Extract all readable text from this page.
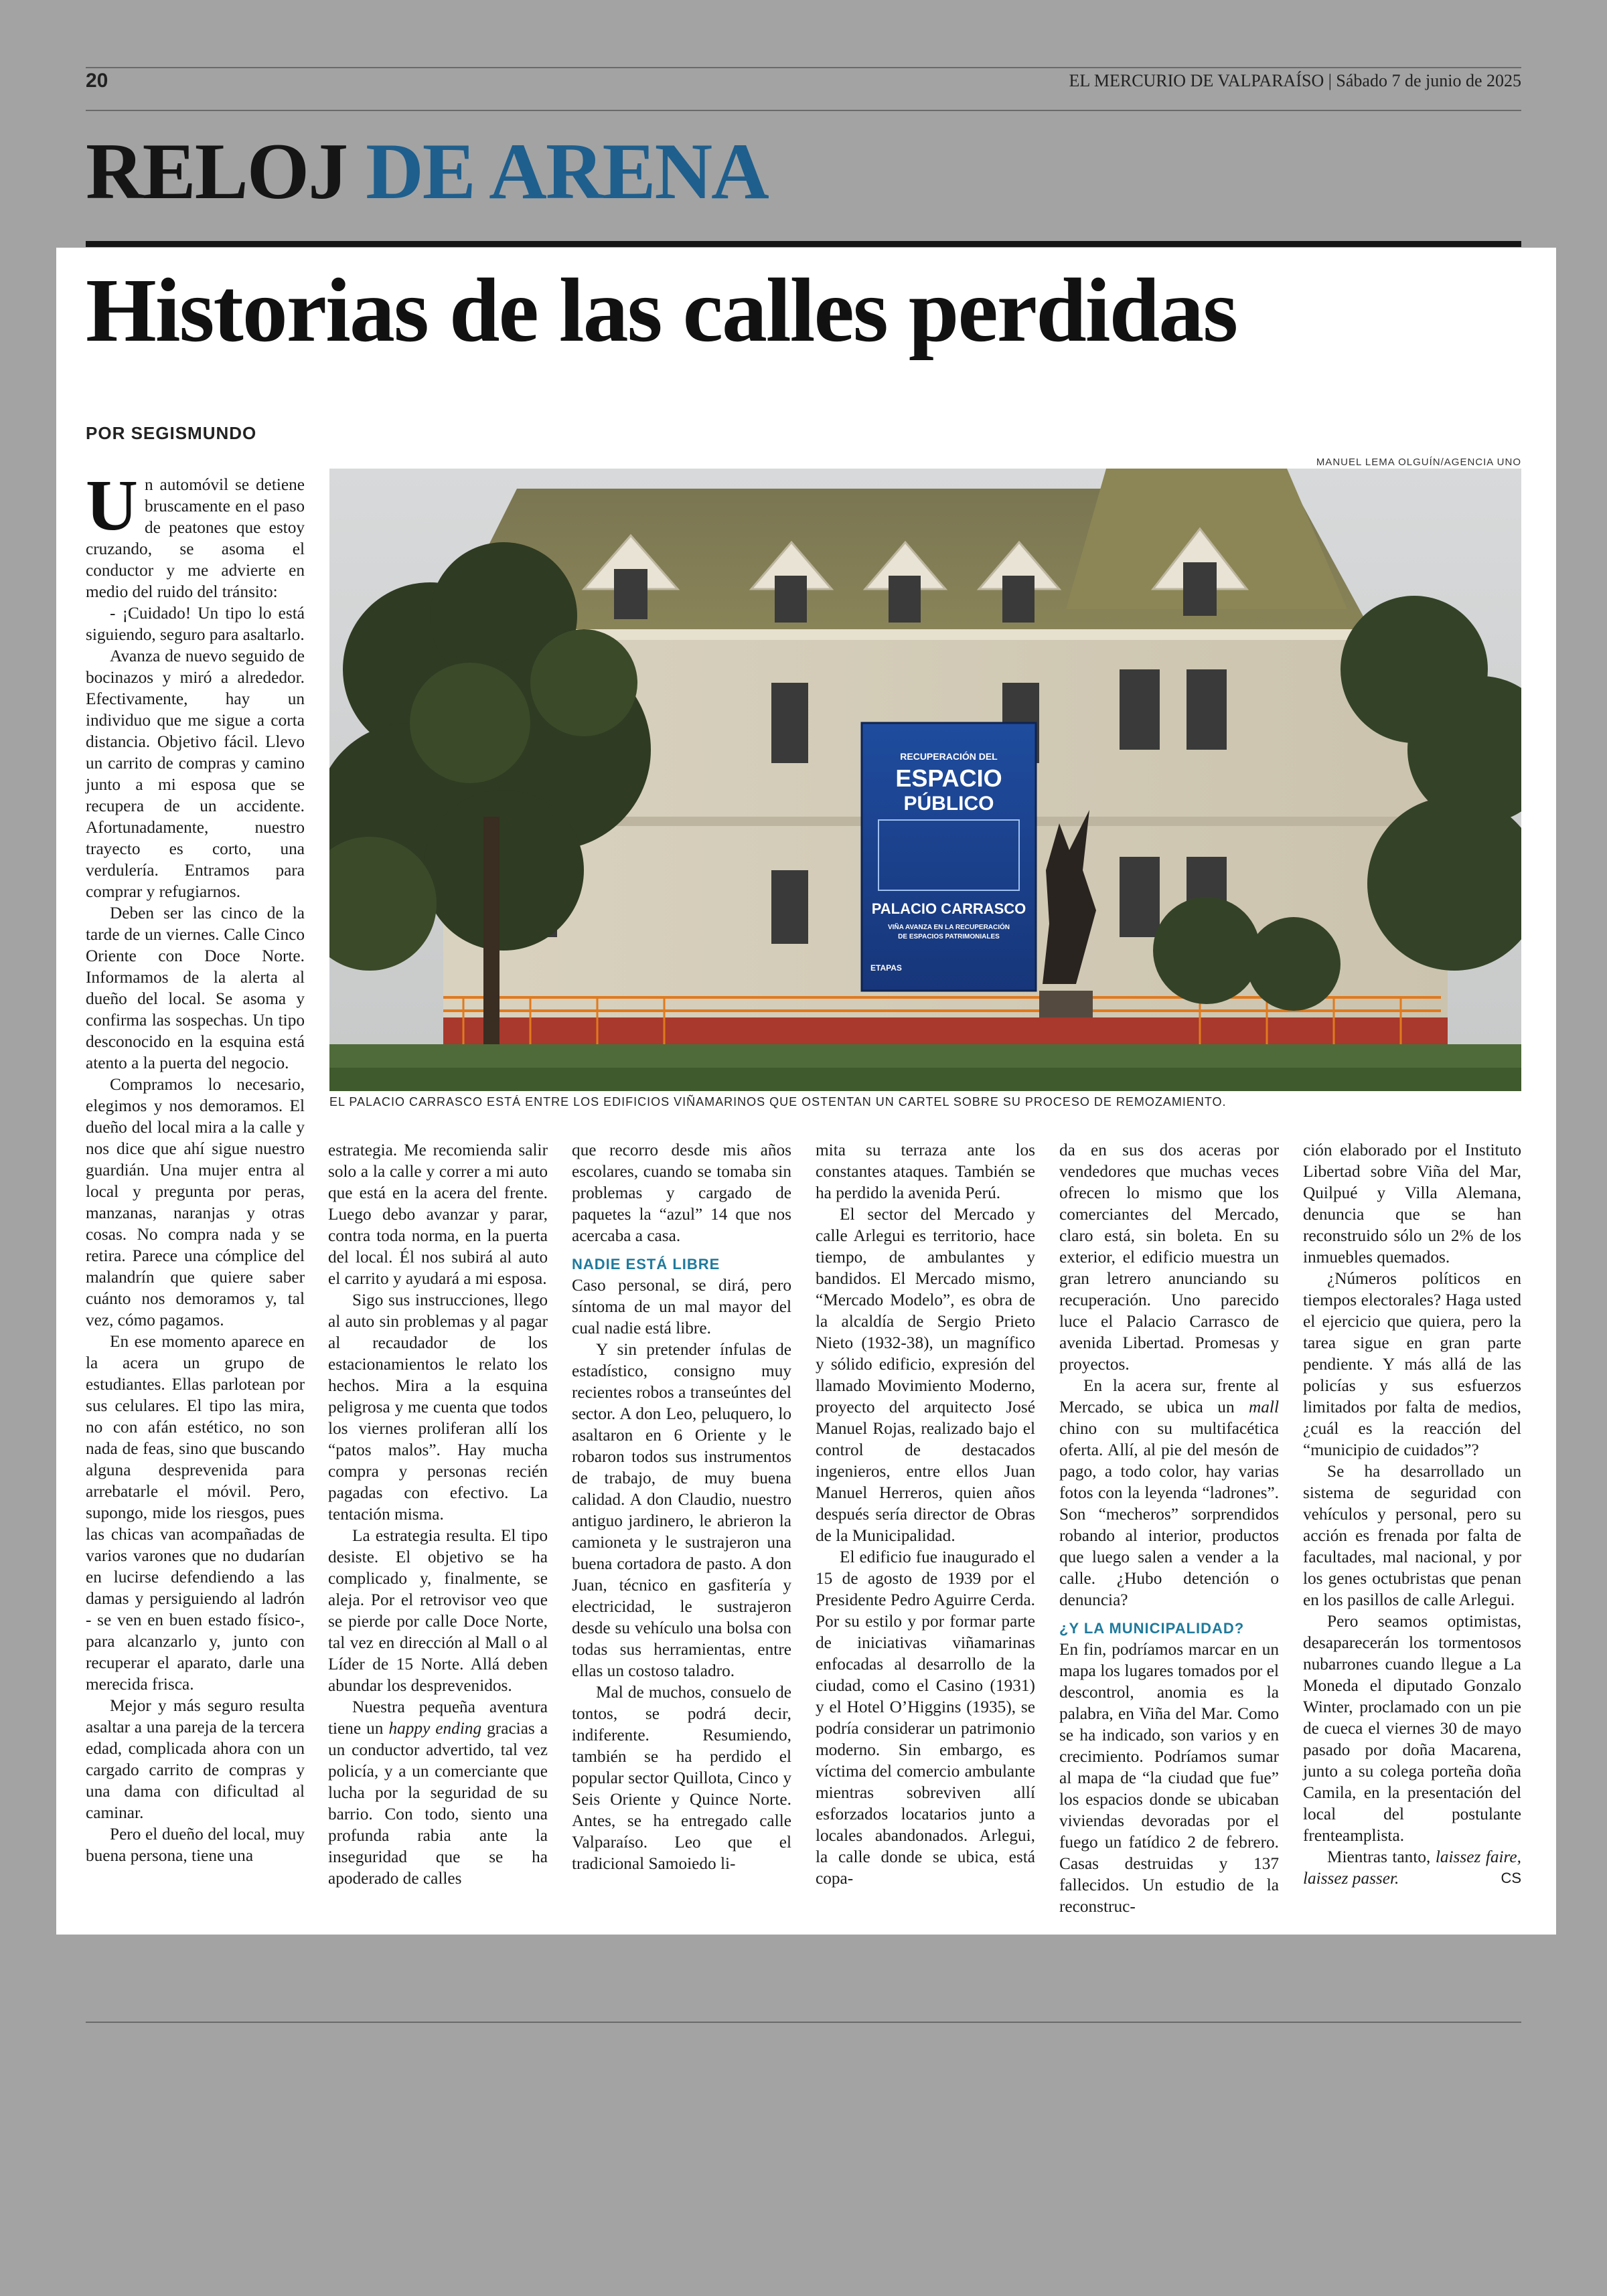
20	EL MERCURIO DE VALPARAÍSO | Sábado 7 de junio de 2025
RELOJ DE ARENA
Historias de las calles perdidas
POR SEGISMUNDO
MANUEL LEMA OLGUÍN/AGENCIA UNO
RECUPERACIÓN DEL
ESPACIO
PÚBLICO
PALACIO CARRASCO
VIÑA AVANZA EN LA RECUPERACIÓN
DE ESPACIOS PATRIMONIALES
ETAPAS
EL PALACIO CARRASCO ESTÁ ENTRE LOS EDIFICIOS VIÑAMARINOS QUE OSTENTAN UN CARTEL SOBRE SU PROCESO DE REMOZAMIENTO.
U n automóvil se detiene bruscamente en el paso de peatones que estoy cruzando, se asoma el conductor y me advierte en medio del ruido del tránsito:

- ¡Cuidado! Un tipo lo está siguiendo, seguro para asaltarlo.

Avanza de nuevo seguido de bocinazos y miró a alrededor. Efectivamente, hay un individuo que me sigue a corta distancia. Objetivo fácil. Llevo un carrito de compras y camino junto a mi esposa que se recupera de un accidente. Afortunadamente, nuestro trayecto es corto, una verdulería. Entramos para comprar y refugiarnos.

Deben ser las cinco de la tarde de un viernes. Calle Cinco Oriente con Doce Norte. Informamos de la alerta al dueño del local. Se asoma y confirma las sospechas. Un tipo desconocido en la esquina está atento a la puerta del negocio.

Compramos lo necesario, elegimos y nos demoramos. El dueño del local mira a la calle y nos dice que ahí sigue nuestro guardián. Una mujer entra al local y pregunta por peras, manzanas, naranjas y otras cosas. No compra nada y se retira. Parece una cómplice del malandrín que quiere saber cuánto nos demoramos y, tal vez, cómo pagamos.

En ese momento aparece en la acera un grupo de estudiantes. Ellas parlotean por sus celulares. El tipo las mira, no con afán estético, no son nada de feas, sino que buscando alguna desprevenida para arrebatarle el móvil. Pero, supongo, mide los riesgos, pues las chicas van acompañadas de varios varones que no dudarían en lucirse defendiendo a las damas y persiguiendo al ladrón - se ven en buen estado físico-, para alcanzarlo y, junto con recuperar el aparato, darle una merecida frisca.

Mejor y más seguro resulta asaltar a una pareja de la tercera edad, complicada ahora con un cargado carrito de compras y una dama con dificultad al caminar.

Pero el dueño del local, muy buena persona, tiene una

estrategia. Me recomienda salir solo a la calle y correr a mi auto que está en la acera del frente. Luego debo avanzar y parar, contra toda norma, en la puerta del local. Él nos subirá al auto el carrito y ayudará a mi esposa.

Sigo sus instrucciones, llego al auto sin problemas y al pagar al recaudador de los estacionamientos le relato los hechos. Mira a la esquina peligrosa y me cuenta que todos los viernes proliferan allí los “patos malos”. Hay mucha compra y personas recién pagadas con efectivo. La tentación misma.

La estrategia resulta. El tipo desiste. El objetivo se ha complicado y, finalmente, se aleja. Por el retrovisor veo que se pierde por calle Doce Norte, tal vez en dirección al Mall o al Líder de 15 Norte. Allá deben abundar los desprevenidos.

Nuestra pequeña aventura tiene un happy ending gracias a un conductor advertido, tal vez policía, y a un comerciante que lucha por la seguridad de su barrio. Con todo, siento una profunda rabia ante la inseguridad que se ha apoderado de calles

que recorro desde mis años escolares, cuando se tomaba sin problemas y cargado de paquetes la “azul” 14 que nos acercaba a casa.

NADIE ESTÁ LIBRE

Caso personal, se dirá, pero síntoma de un mal mayor del cual nadie está libre.

Y sin pretender ínfulas de estadístico, consigno muy recientes robos a transeúntes del sector. A don Leo, peluquero, lo asaltaron en 6 Oriente y le robaron todos sus instrumentos de trabajo, de muy buena calidad. A don Claudio, nuestro antiguo jardinero, le abrieron la camioneta y le sustrajeron una buena cortadora de pasto. A don Juan, técnico en gasfitería y electricidad, le sustrajeron desde su vehículo una bolsa con todas sus herramientas, entre ellas un costoso taladro.

Mal de muchos, consuelo de tontos, se podrá decir, indiferente. Resumiendo, también se ha perdido el popular sector Quillota, Cinco y Seis Oriente y Quince Norte. Antes, se ha entregado calle Valparaíso. Leo que el tradicional Samoiedo li-

mita su terraza ante los constantes ataques. También se ha perdido la avenida Perú.

El sector del Mercado y calle Arlegui es territorio, hace tiempo, de ambulantes y bandidos. El Mercado mismo, “Mercado Modelo”, es obra de la alcaldía de Sergio Prieto Nieto (1932-38), un magnífico y sólido edificio, expresión del llamado Movimiento Moderno, proyecto del arquitecto José Manuel Rojas, realizado bajo el control de destacados ingenieros, entre ellos Juan Manuel Herreros, quien años después sería director de Obras de la Municipalidad.

El edificio fue inaugurado el 15 de agosto de 1939 por el Presidente Pedro Aguirre Cerda. Por su estilo y por formar parte de iniciativas viñamarinas enfocadas al desarrollo de la ciudad, como el Casino (1931) y el Hotel O’Higgins (1935), se podría considerar un patrimonio moderno. Sin embargo, es víctima del comercio ambulante mientras sobreviven allí esforzados locatarios junto a locales abandonados. Arlegui, la calle donde se ubica, está copa-

da en sus dos aceras por vendedores que muchas veces ofrecen lo mismo que los comerciantes del Mercado, claro está, sin boleta. En su exterior, el edificio muestra un gran letrero anunciando su recuperación. Uno parecido luce el Palacio Carrasco de avenida Libertad. Promesas y proyectos.

En la acera sur, frente al Mercado, se ubica un mall chino con su multifacética oferta. Allí, al pie del mesón de pago, a todo color, hay varias fotos con la leyenda “ladrones”. Son “mecheros” sorprendidos robando al interior, productos que luego salen a vender a la calle. ¿Hubo detención o denuncia?

¿Y LA MUNICIPALIDAD?

En fin, podríamos marcar en un mapa los lugares tomados por el descontrol, anomia es la palabra, en Viña del Mar. Como se ha indicado, son varios y en crecimiento. Podríamos sumar al mapa de “la ciudad que fue” los espacios donde se ubicaban viviendas devoradas por el fuego un fatídico 2 de febrero. Casas destruidas y 137 fallecidos. Un estudio de la reconstruc-

ción elaborado por el Instituto Libertad sobre Viña del Mar, Quilpué y Villa Alemana, denuncia que se han reconstruido sólo un 2% de los inmuebles quemados.

¿Números políticos en tiempos electorales? Haga usted el ejercicio que quiera, pero la tarea sigue en gran parte pendiente. Y más allá de las policías y sus esfuerzos limitados por falta de medios, ¿cuál es la reacción del “municipio de cuidados”?

Se ha desarrollado un sistema de seguridad con vehículos y personal, pero su acción es frenada por falta de facultades, mal nacional, y por los genes octubristas que penan en los pasillos de calle Arlegui.

Pero seamos optimistas, desaparecerán los tormentosos nubarrones cuando llegue a La Moneda el diputado Gonzalo Winter, proclamado con un pie de cueca el viernes 30 de mayo pasado por doña Macarena, junto a su colega porteña doña Camila, en la presentación del local del postulante frenteamplista.

Mientras tanto, laissez faire, laissez passer.	CS
